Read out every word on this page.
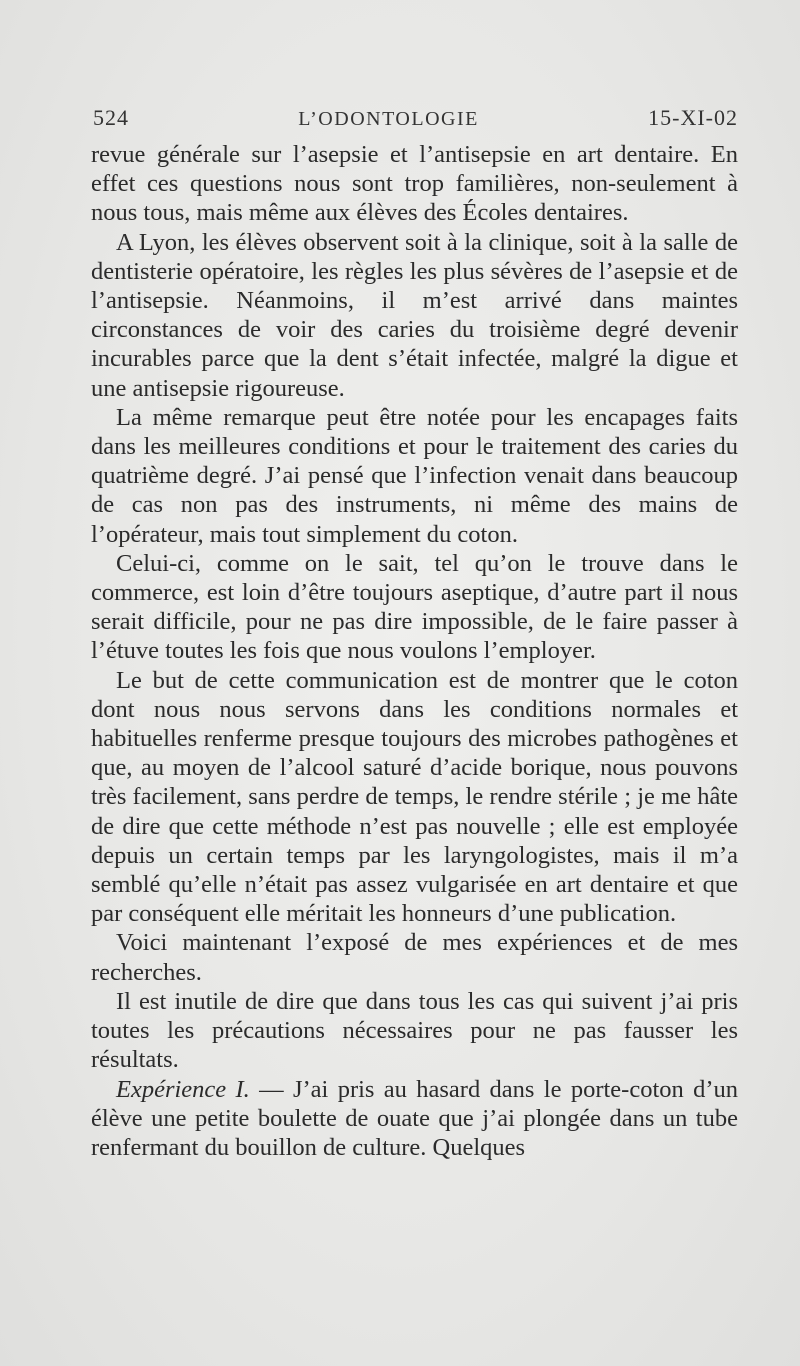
524	L’ODONTOLOGIE	15-XI-02

revue générale sur l’asepsie et l’antisepsie en art dentaire. En effet ces questions nous sont trop familières, non-seulement à nous tous, mais même aux élèves des Écoles dentaires.

A Lyon, les élèves observent soit à la clinique, soit à la salle de dentisterie opératoire, les règles les plus sévères de l’asepsie et de l’antisepsie. Néanmoins, il m’est arrivé dans maintes circonstances de voir des caries du troisième degré devenir incurables parce que la dent s’était infectée, malgré la digue et une antisepsie rigoureuse.

La même remarque peut être notée pour les encapages faits dans les meilleures conditions et pour le traitement des caries du quatrième degré. J’ai pensé que l’infection venait dans beaucoup de cas non pas des instruments, ni même des mains de l’opérateur, mais tout simplement du coton.

Celui-ci, comme on le sait, tel qu’on le trouve dans le commerce, est loin d’être toujours aseptique, d’autre part il nous serait difficile, pour ne pas dire impossible, de le faire passer à l’étuve toutes les fois que nous voulons l’employer.

Le but de cette communication est de montrer que le coton dont nous nous servons dans les conditions normales et habituelles renferme presque toujours des microbes pathogènes et que, au moyen de l’alcool saturé d’acide borique, nous pouvons très facilement, sans perdre de temps, le rendre stérile ; je me hâte de dire que cette méthode n’est pas nouvelle ; elle est employée depuis un certain temps par les laryngologistes, mais il m’a semblé qu’elle n’était pas assez vulgarisée en art dentaire et que par conséquent elle méritait les honneurs d’une publication.

Voici maintenant l’exposé de mes expériences et de mes recherches.

Il est inutile de dire que dans tous les cas qui suivent j’ai pris toutes les précautions nécessaires pour ne pas fausser les résultats.

Expérience I. — J’ai pris au hasard dans le porte-coton d’un élève une petite boulette de ouate que j’ai plongée dans un tube renfermant du bouillon de culture. Quelques
